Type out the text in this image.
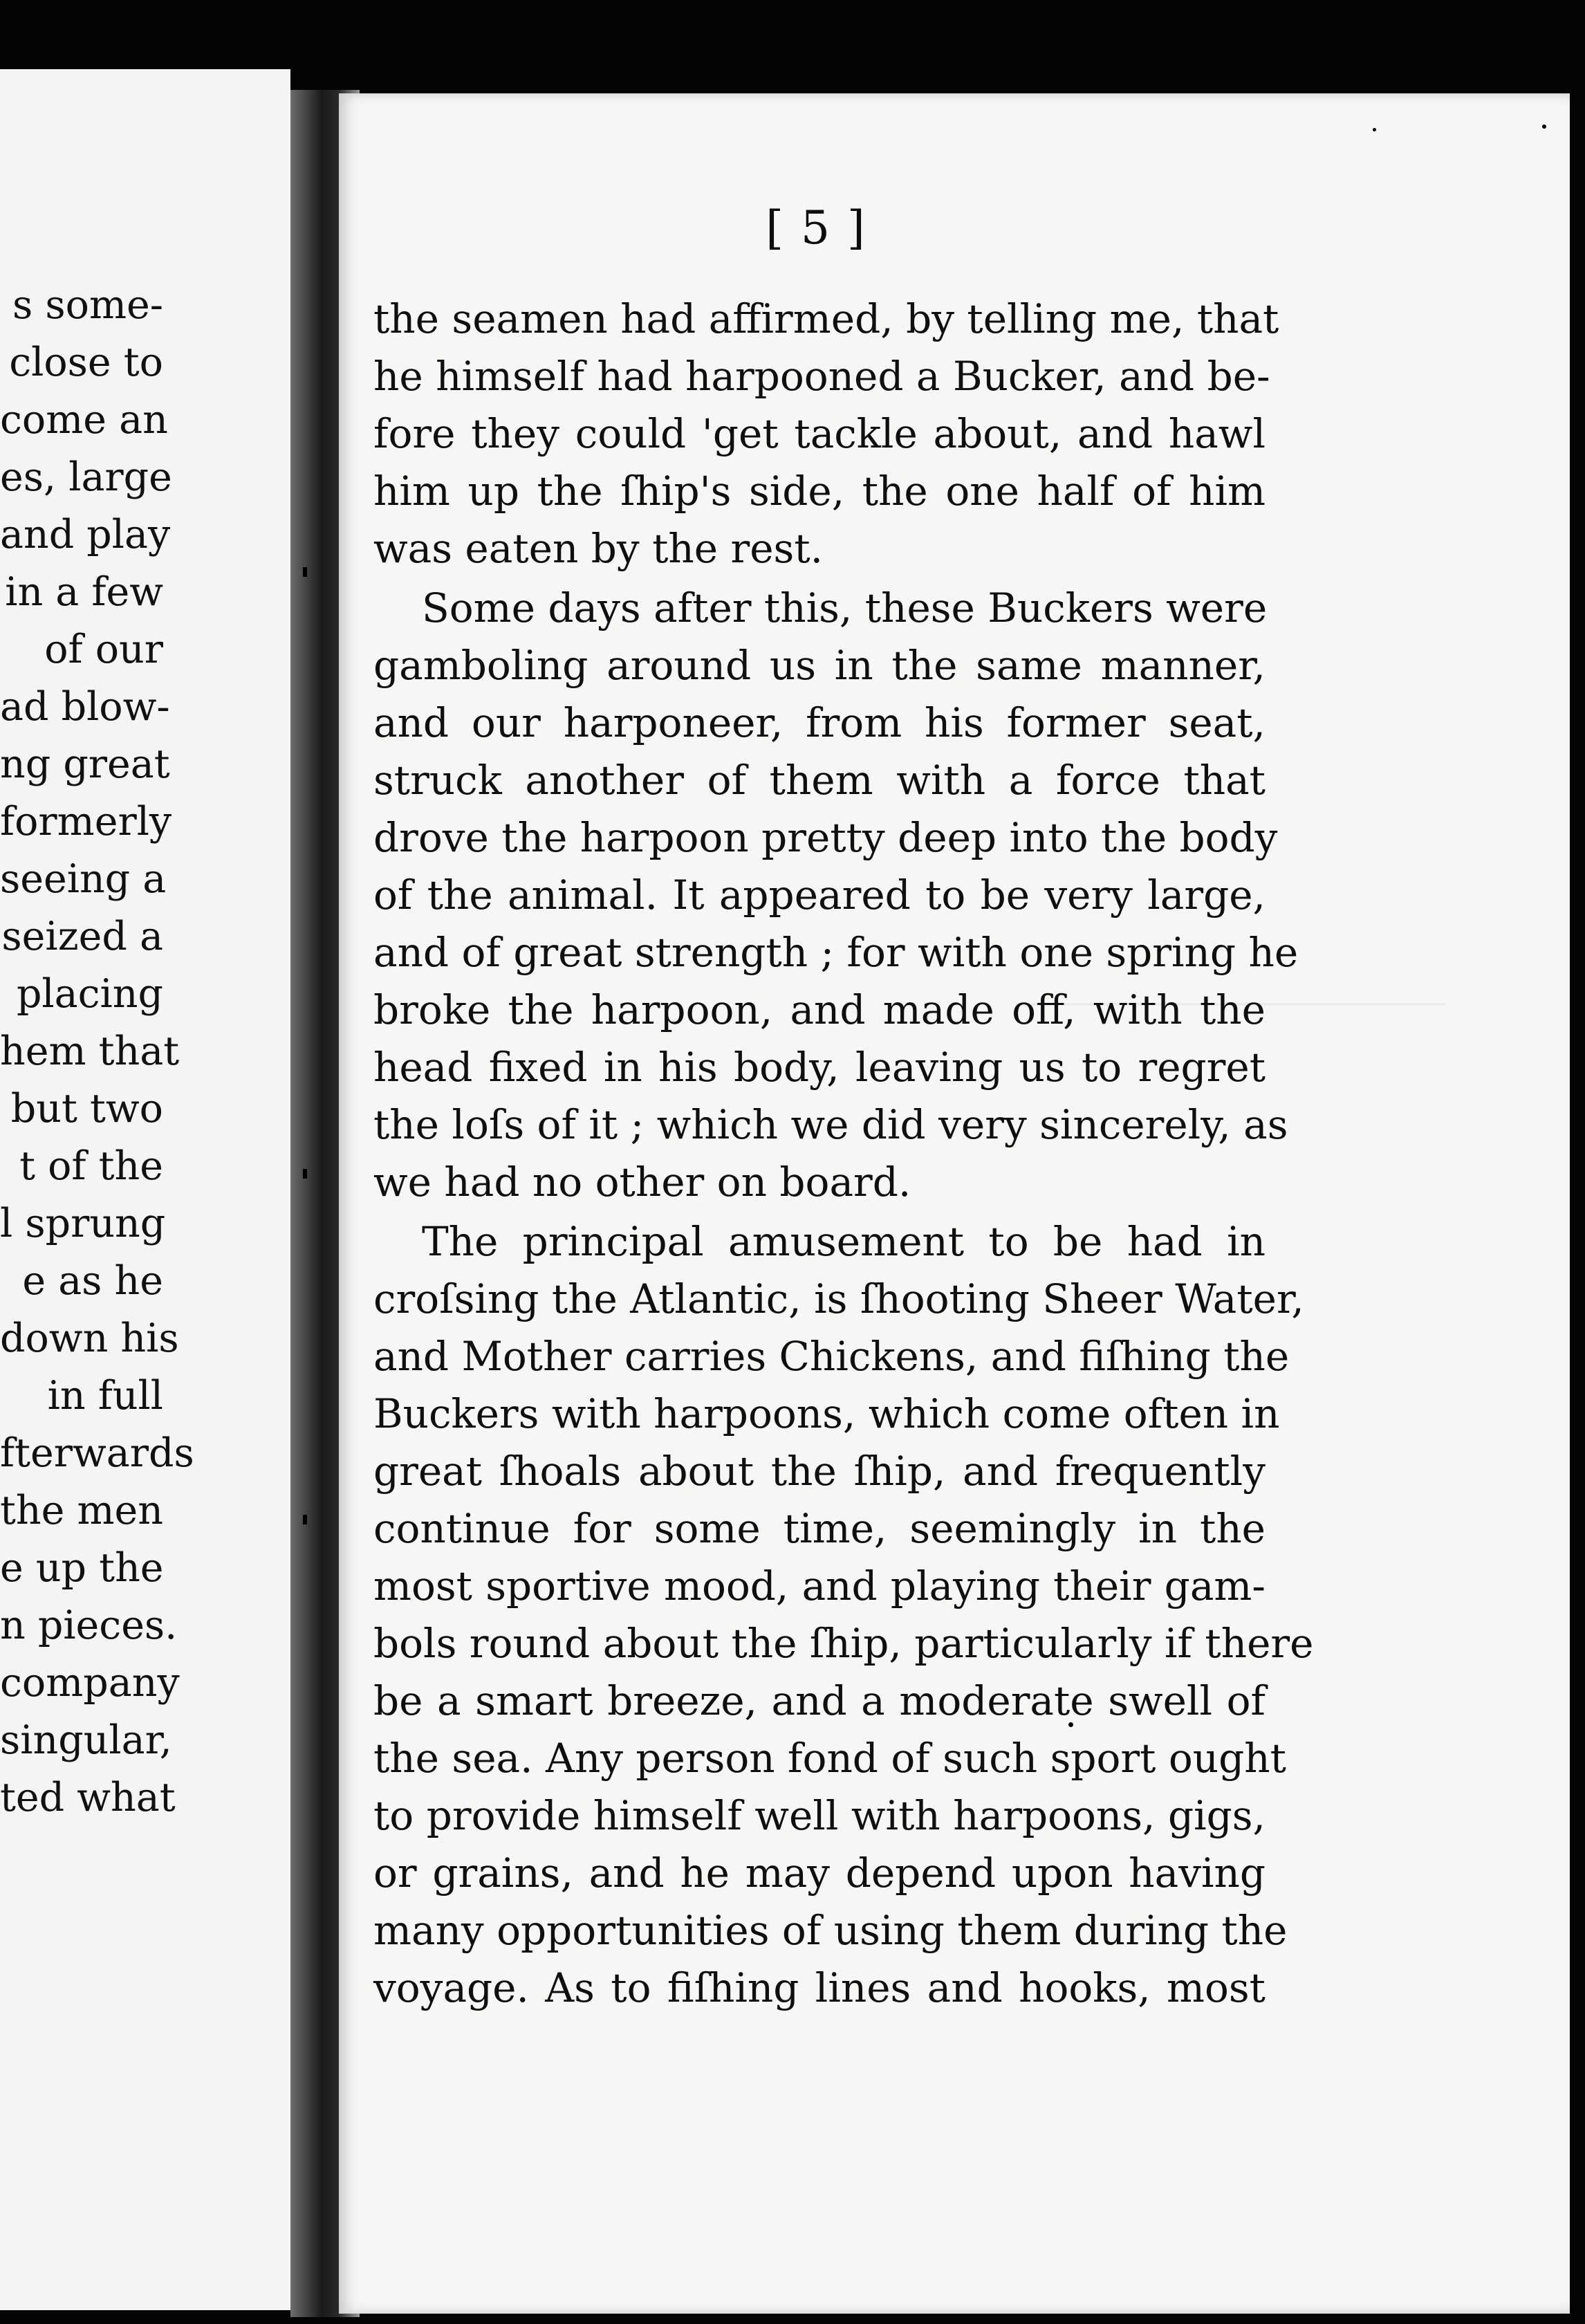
s some-
close to
come an
es, large
and play
in a few
of our
ad blow-
ng great
formerly
seeing a
seized a
placing
hem that
but two
t of the
l sprung
e as he
down his
in full
fterwards
the men
e up the
n pieces.
company
singular,
ted what
[ 5 ]
the seamen had affirmed, by telling me, that
he himself had harpooned a Bucker, and be-
fore they could 'get tackle about, and hawl
him up the ſhip's side, the one half of him
was eaten by the rest.
Some days after this, these Buckers were
gamboling around us in the same manner,
and our harponeer, from his former seat,
struck another of them with a force that
drove the harpoon pretty deep into the body
of the animal. It appeared to be very large,
and of great strength ; for with one spring he
broke the harpoon, and made off, with the
head fixed in his body, leaving us to regret
the loſs of it ; which we did very sincerely, as
we had no other on board.
The principal amusement to be had in
croſsing the Atlantic, is ſhooting Sheer Water,
and Mother carries Chickens, and fiſhing the
Buckers with harpoons, which come often in
great ſhoals about the ſhip, and frequently
continue for some time, seemingly in the
most sportive mood, and playing their gam-
bols round about the ſhip, particularly if there
be a smart breeze, and a moderate swell of
the sea. Any person fond of such sport ought
to provide himself well with harpoons, gigs,
or grains, and he may depend upon having
many opportunities of using them during the
voyage. As to fiſhing lines and hooks, most
